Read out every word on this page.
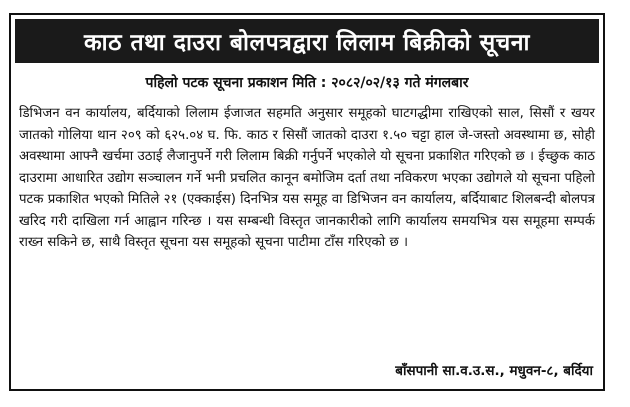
काठ तथा दाउरा बोलपत्रद्वारा लिलाम बिक्रीको सूचना
पहिलो पटक सूचना प्रकाशन मिति : २०८२/०२/१३ गते मंगलबार
डिभिजन वन कार्यालय, बर्दियाको लिलाम ईजाजत सहमति अनुसार समूहको घाटगद्धीमा राखिएको साल, सिसौं र खयर जातको गोलिया थान २०९ को ६२५.०४ घ. फि. काठ र सिसौं जातको दाउरा १.५० चट्टा हाल जे-जस्तो अवस्थामा छ, सोही अवस्थामा आफ्नै खर्चमा उठाई लैजानुपर्ने गरी लिलाम बिक्री गर्नुपर्ने भएकोले यो सूचना प्रकाशित गरिएको छ । ईच्छुक काठ दाउरामा आधारित उद्योग सञ्चालन गर्ने भनी प्रचलित कानून बमोजिम दर्ता तथा नविकरण भएका उद्योगले यो सूचना पहिलो पटक प्रकाशित भएको मितिले २१ (एक्काईस) दिनभित्र यस समूह वा डिभिजन वन कार्यालय, बर्दियाबाट शिलबन्दी बोलपत्र खरिद गरी दाखिला गर्न आह्वान गरिन्छ । यस सम्बन्धी विस्तृत जानकारीको लागि कार्यालय समयभित्र यस समूहमा सम्पर्क राख्न सकिने छ, साथै विस्तृत सूचना यस समूहको सूचना पाटीमा टाँस गरिएको छ ।
बाँसपानी सा.व.उ.स., मधुवन-८, बर्दिया
